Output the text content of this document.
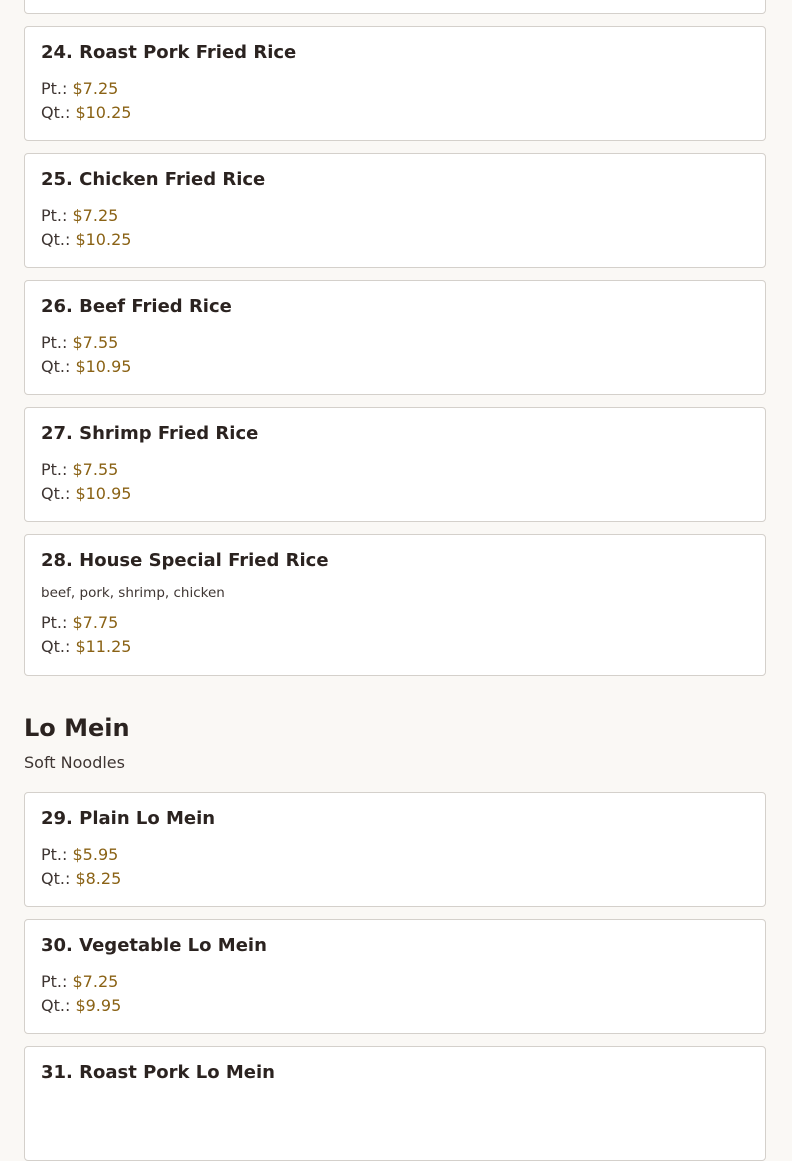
24. Roast Pork Fried Rice
Pt.: $7.25
Qt.: $10.25
25. Chicken Fried Rice
Pt.: $7.25
Qt.: $10.25
26. Beef Fried Rice
Pt.: $7.55
Qt.: $10.95
27. Shrimp Fried Rice
Pt.: $7.55
Qt.: $10.95
28. House Special Fried Rice
beef, pork, shrimp, chicken
Pt.: $7.75
Qt.: $11.25
Lo Mein
Soft Noodles
29. Plain Lo Mein
Pt.: $5.95
Qt.: $8.25
30. Vegetable Lo Mein
Pt.: $7.25
Qt.: $9.95
31. Roast Pork Lo Mein
